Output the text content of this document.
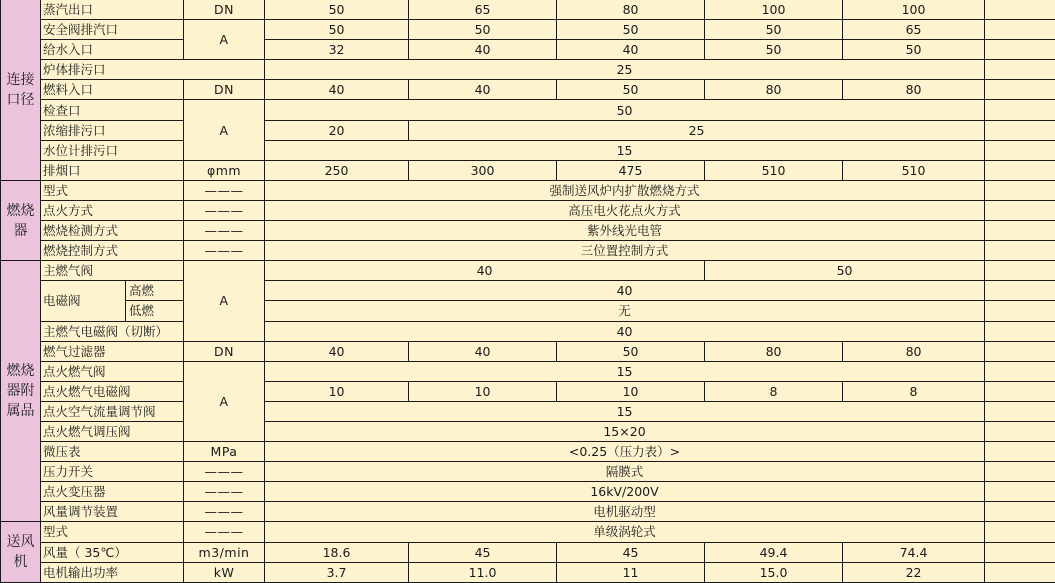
连接口径	蒸汽出口		DN	50	65	80	100	100	
	安全阀排汽口		A	50	50	50	50	65	
	给水入口			32	40	40	50	50	
	炉体排污口			25					
	燃料入口		DN	40	40	50	80	80	
	检查口		A	50					
	浓缩排污口			20	25				
	水位计排污口			15					
	排烟口		φmm	250	300	475	510	510	
燃烧器	型式		———	强制送风炉内扩散燃烧方式					
	点火方式		———	高压电火花点火方式					
	燃烧检测方式		———	紫外线光电管					
	燃烧控制方式		———	三位置控制方式					
燃烧器附属品	主燃气阀		A	40			50		
	电磁阀	高燃		40					
		低燃		无					
	主燃气电磁阀（切断）			40					
	燃气过滤器		DN	40	40	50	80	80	
	点火燃气阀		A	15					
	点火燃气电磁阀			10	10	10	8	8	
	点火空气流量调节阀			15					
	点火燃气调压阀			15×20					
	微压表		MPa	<0.25（压力表）>					
	压力开关		———	隔膜式					
	点火变压器		———	16kV/200V					
	风量调节装置		———	电机驱动型					
送风机	型式		———	单级涡轮式					
	风量（ 35℃）		m3/min	18.6	45	45	49.4	74.4	
	电机输出功率		kW	3.7	11.0	11	15.0	22	
